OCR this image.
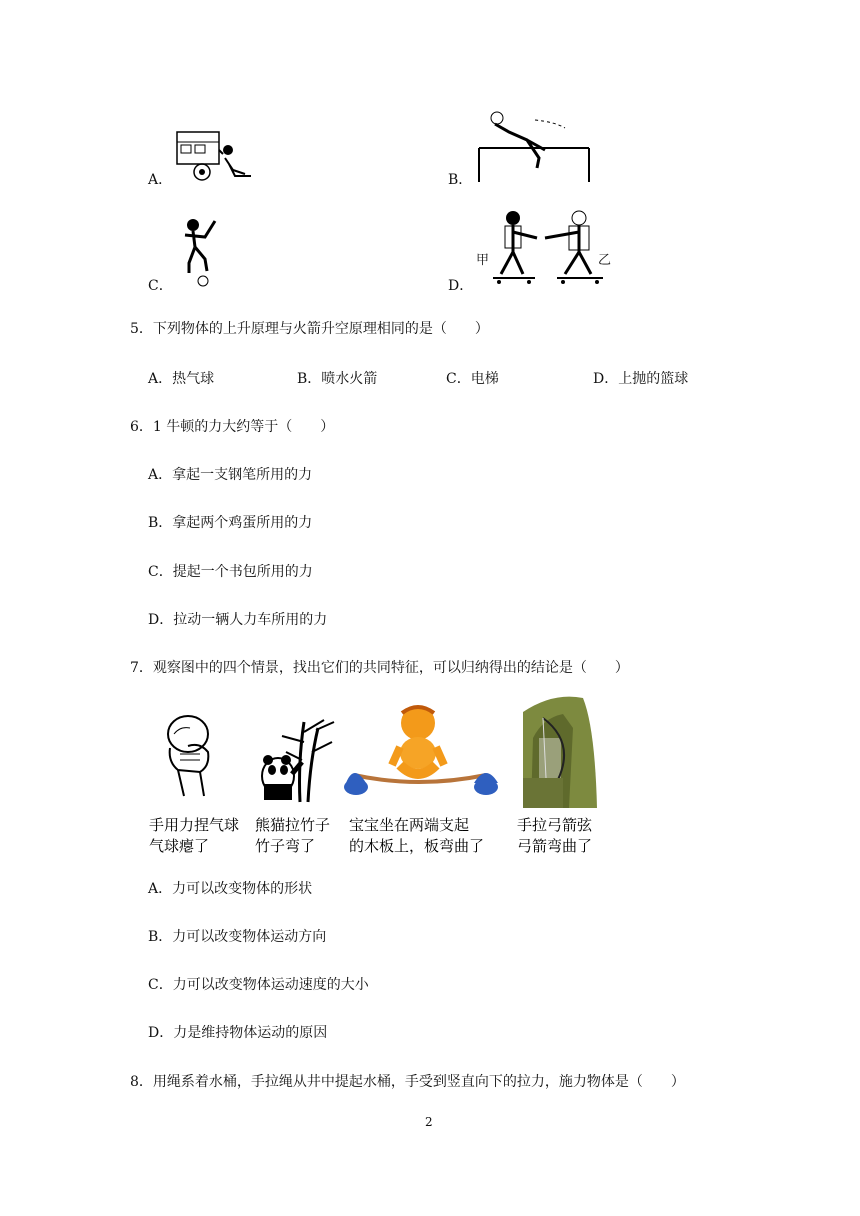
A．	B．
C．	D．
甲	乙
5．下列物体的上升原理与火箭升空原理相同的是（　　）
A．热气球	B．喷水火箭	C．电梯	D．上抛的篮球
6．1 牛顿的力大约等于（　　）
A．拿起一支钢笔所用的力
B．拿起两个鸡蛋所用的力
C．提起一个书包所用的力
D．拉动一辆人力车所用的力
7．观察图中的四个情景，找出它们的共同特征，可以归纳得出的结论是（　　）
手用力捏气球
气球瘪了
熊猫拉竹子
竹子弯了
宝宝坐在两端支起
的木板上，板弯曲了
手拉弓箭弦
弓箭弯曲了
A．力可以改变物体的形状
B．力可以改变物体运动方向
C．力可以改变物体运动速度的大小
D．力是维持物体运动的原因
8．用绳系着水桶，手拉绳从井中提起水桶，手受到竖直向下的拉力，施力物体是（　　）
2
